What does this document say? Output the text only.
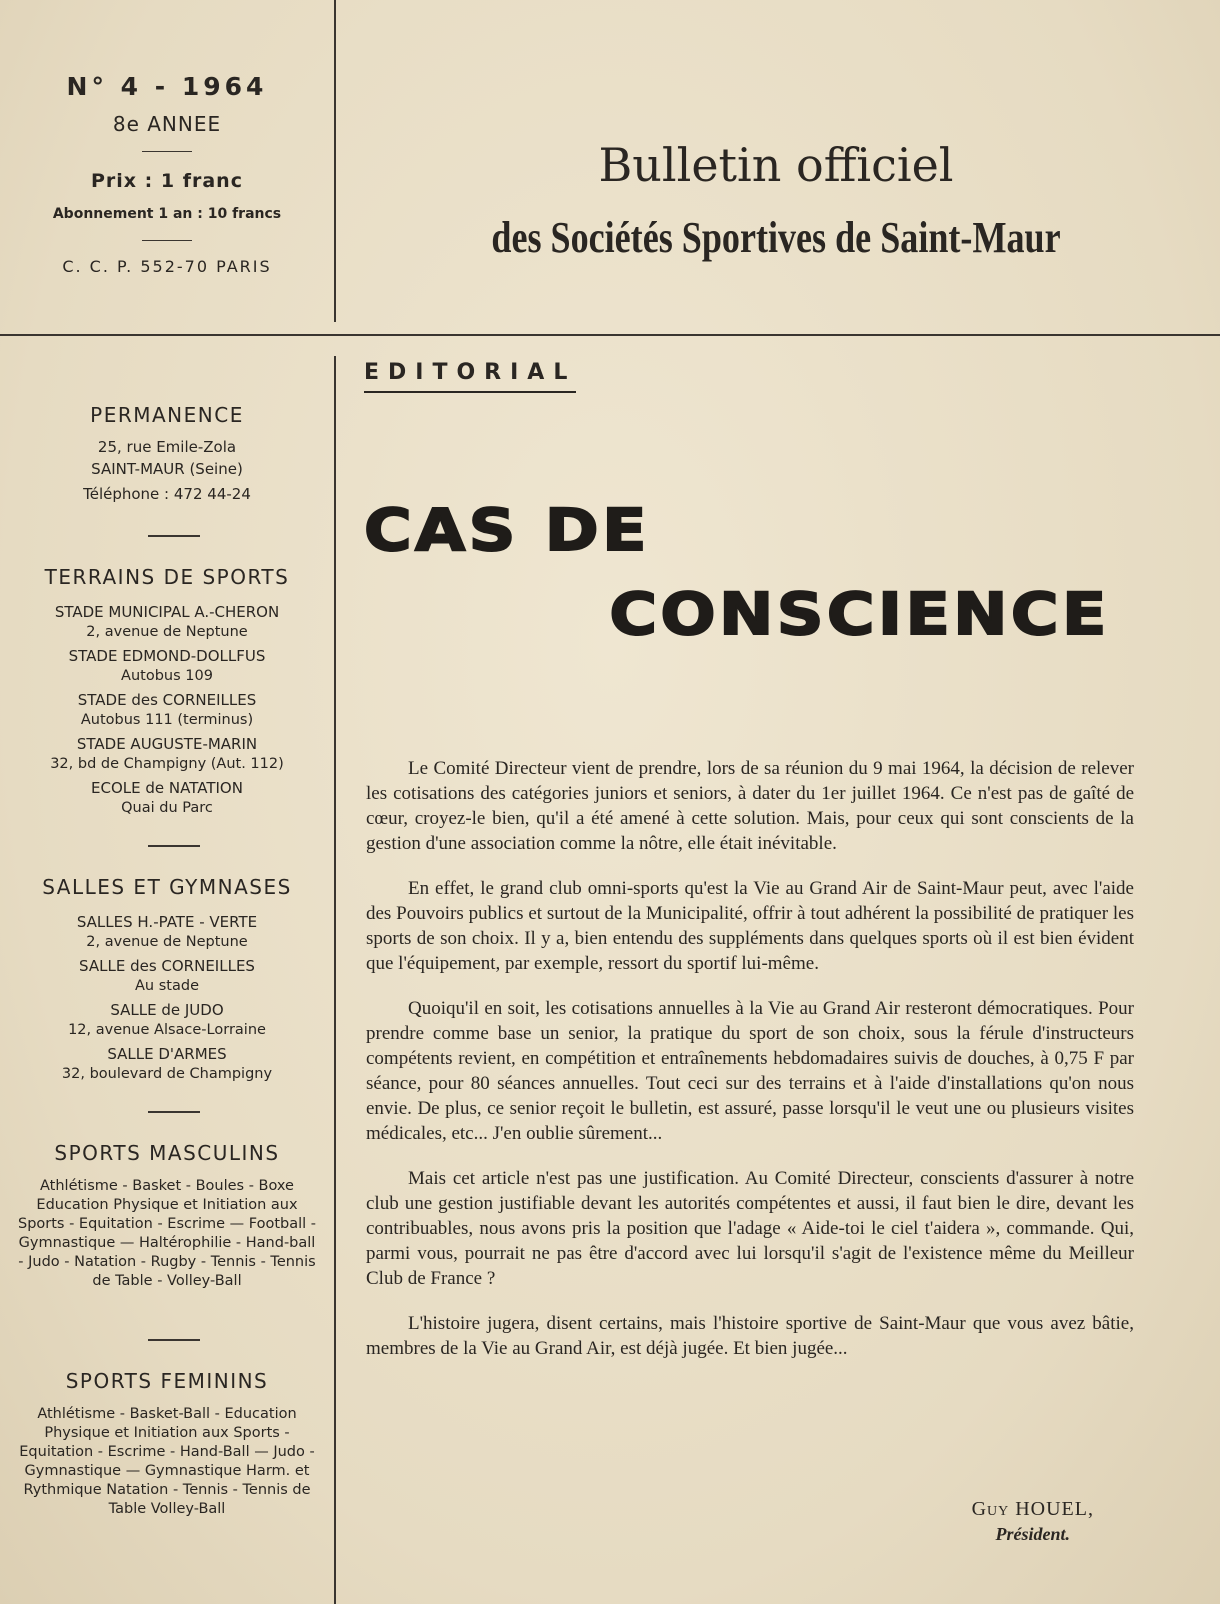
N° 4 - 1964
8e ANNEE
Prix : 1 franc
Abonnement 1 an : 10 francs
C. C. P. 552-70 PARIS
Bulletin officiel
des Sociétés Sportives de Saint-Maur
PERMANENCE
25, rue Emile-Zola
SAINT-MAUR (Seine)
Téléphone : 472 44-24
TERRAINS DE SPORTS
STADE MUNICIPAL A.-CHERON
2, avenue de Neptune
STADE EDMOND-DOLLFUS
Autobus 109
STADE des CORNEILLES
Autobus 111 (terminus)
STADE AUGUSTE-MARIN
32, bd de Champigny (Aut. 112)
ECOLE de NATATION
Quai du Parc
SALLES ET GYMNASES
SALLES H.-PATE - VERTE
2, avenue de Neptune
SALLE des CORNEILLES
Au stade
SALLE de JUDO
12, avenue Alsace-Lorraine
SALLE D'ARMES
32, boulevard de Champigny
SPORTS MASCULINS
Athlétisme - Basket - Boules - Boxe Education Physique et Initiation aux Sports - Equitation - Escrime — Football - Gymnastique — Haltérophilie - Hand-ball - Judo - Natation - Rugby - Tennis - Tennis de Table - Volley-Ball
SPORTS FEMININS
Athlétisme - Basket-Ball - Education Physique et Initiation aux Sports - Equitation - Escrime - Hand-Ball — Judo - Gymnastique — Gymnastique Harm. et Rythmique Natation - Tennis - Tennis de Table Volley-Ball
EDITORIAL
CAS DE
CONSCIENCE

Le Comité Directeur vient de prendre, lors de sa réunion du 9 mai 1964, la décision de relever les cotisations des catégories juniors et seniors, à dater du 1er juillet 1964. Ce n'est pas de gaîté de cœur, croyez-le bien, qu'il a été amené à cette solution. Mais, pour ceux qui sont conscients de la gestion d'une association comme la nôtre, elle était inévitable.

En effet, le grand club omni-sports qu'est la Vie au Grand Air de Saint-Maur peut, avec l'aide des Pouvoirs publics et surtout de la Municipalité, offrir à tout adhérent la possibilité de pratiquer les sports de son choix. Il y a, bien entendu des suppléments dans quelques sports où il est bien évident que l'équipement, par exemple, ressort du sportif lui-même.

Quoiqu'il en soit, les cotisations annuelles à la Vie au Grand Air resteront démocratiques. Pour prendre comme base un senior, la pratique du sport de son choix, sous la férule d'instructeurs compétents revient, en compétition et entraînements hebdomadaires suivis de douches, à 0,75 F par séance, pour 80 séances annuelles. Tout ceci sur des terrains et à l'aide d'installations qu'on nous envie. De plus, ce senior reçoit le bulletin, est assuré, passe lorsqu'il le veut une ou plusieurs visites médicales, etc... J'en oublie sûrement...

Mais cet article n'est pas une justification. Au Comité Directeur, conscients d'assurer à notre club une gestion justifiable devant les autorités compétentes et aussi, il faut bien le dire, devant les contribuables, nous avons pris la position que l'adage « Aide-toi le ciel t'aidera », commande. Qui, parmi vous, pourrait ne pas être d'accord avec lui lorsqu'il s'agit de l'existence même du Meilleur Club de France ?

L'histoire jugera, disent certains, mais l'histoire sportive de Saint-Maur que vous avez bâtie, membres de la Vie au Grand Air, est déjà jugée. Et bien jugée...

Guy HOUEL,
Président.
